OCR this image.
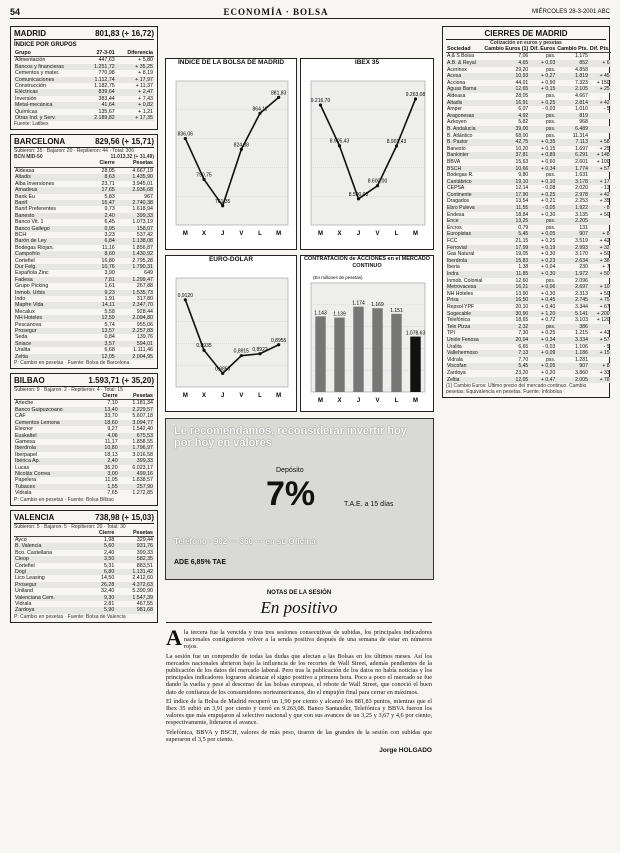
54	ECONOMÍA · BOLSA	MIÉRCOLES 28-3-2001 ABC
MADRID	801,83 (+ 16,72)
ÍNDICE POR GRUPOS
Grupo	27-3-01	Diferencia
Alimentación	447,63	+ 5,80
Bancos y financieras	1.251,72	+ 35,25
Cementos y mater.	770,98	+ 8,19
Comunicaciones	1.112,74	+ 17,97
Construcción	1.182,75	+ 11,37
Eléctricas	839,64	+ 2,47
Inversión	383,44	+ 7,43
Metal-mecánica	41,64	+ 0,82
Químicas	135,67	+ 1,21
Otras Ind. y Serv.	2.189,82	+ 17,35
Fuente: Latibex
BARCELONA	829,56 (+ 15,71)
Subieron: 35 · Bajaron: 20 · Repitieron: 44 · Total: 306
BCN MID-50	11.013,32 (+ 31,49)
	Cierre	Pesetas
Aldeasa	28,05	4.667,19
Altadis	8,63	1.435,90
Alba Inversiones	23,71	3.945,01
Amadeus	17,65	2.936,68
Bank Eu	5,83	967
Banif	16,47	2.740,38
Banif Preferentes	9,73	1.618,94
Banesto	2,40	399,33
Banco Vit. 1	6,45	1.073,19
Banco Gallego	0,95	158,07
BCH	3,23	537,42
Barón de Ley	6,84	1.138,08
Bodegas Riojan.	11,16	1.856,87
Campofrío	8,60	1.430,92
Cortefiel	16,80	2.795,28
Dur Felg.	10,76	1.790,31
Española Zinc	3,90	649
Fadesa	7,81	1.299,47
Grupo Picking	1,61	267,88
Inmob. Urbis	9,23	1.535,73
Indo	1,91	317,80
Mapfre Vida	14,11	2.347,70
Mecalux	5,58	928,44
NH Hoteles	12,59	2.094,80
Pescanova	5,74	955,06
Prosegur	13,57	2.257,83
Seda	0,84	139,76
Sniace	3,57	594,01
Uralita	6,68	1.111,46
Zeltia	12,05	2.004,95
P: Cambio en pesetas · Fuente: Bolsa de Barcelona
BILBAO	1.593,71 (+ 35,20)
Subieron: 9 · Bajaron: 2 · Repitieron: 4 · Total: 15
	Cierre	Pesetas
Arteche	7,10	1.181,34
Banco Guipuzcoano	13,40	2.229,57
CAF	33,70	5.607,18
Cementos Lemona	18,60	3.094,77
Elecnor	9,27	1.542,40
Euskaltel	4,06	675,53
Gamesa	11,17	1.858,55
Iberdrola	10,80	1.796,97
Iberpapel	18,13	3.016,58
Ibérica Ap.	2,40	399,33
Lucas	36,20	6.023,17
Nicolás Correa	3,00	499,16
Papelera	11,05	1.838,57
Tubacex	1,55	257,90
Vidrala	7,65	1.272,85
P: Cambio en pesetas · Fuente: Bolsa Bilbao
VALENCIA	738,98 (+ 15,03)
Subieron: 5 · Bajaron: 5 · Repitieron: 20 · Total: 30
	Cierre	Pesetas
Ayco	1,98	329,44
B. Valencia	5,60	931,76
Bco. Castellana	2,40	399,33
Cleop	3,50	582,35
Cortefiel	5,31	883,51
Dogi	6,80	1.131,42
Lico Leasing	14,50	2.412,60
Prosegur	26,28	4.372,63
Uniland	32,40	5.390,90
Valenciana Cem.	9,30	1.547,39
Vidrala	2,81	467,55
Zardoya	5,90	981,68
P: Cambio en pesetas · Fuente: Bolsa de Valencia
ÍNDICE DE LA BOLSA DE MADRID
836,06
790,75
761,35
824,08
864,11
881,83
M X J V L M
IBEX 35
9.216,70
8.905,43
8.500,00
8.600,00
8.903,43
9.263,08
M X	J	V	L M
EURO-DÓLAR
0,9120
0,8935
0,8850
0,8915 0,8922
0,8955
M X J V L M
CONTRATACIÓN de ACCIONES en el MERCADO CONTINUO
1.143 1.139
1.174 1.169
1.151
1.078,63
M X	J	V	L M
(En millones de pesetas)
Le recomendamos, reconsiderar invertir hoy por hoy en valores
Depósito
7%	T.A.E. a 15 días
Teléfono · 902 ··· 360 ··· en su Oficina
ADE 6,85% TAE
NOTAS DE LA SESIÓN
En positivo

Ala tercera fue la vencida y tras tres sesiones consecutivas de subidas, los principales indicadores nacionales consiguieron volver a la senda positiva después de una semana de estar en números rojos.

La sesión fue un compendio de todas las dudas que afectan a las Bolsas en los últimos meses. Así los mercados nacionales abrieron bajo la influencia de los recortes de Wall Street, además pendientes de la publicación de los datos del mercado laboral. Pero tras la publicación de los datos no había noticias y los principales indicadores lograron alcanzar el signo positivo a primera hora. Poco a poco el mercado se fue dando la vuelta y pese al descenso de las bolsas europeas, el rebote de Wall Street, que conoció el buen dato de confianza de los consumidores norteamericanos, dio el empujón final para cerrar en máximos.

El índice de la Bolsa de Madrid recuperó un 1,90 por ciento y alcanzó los 881,83 puntos, mientras que el Ibex 35 subió un 3,91 por ciento y cerró en 9.263,08. Banco Santander, Telefónica y BBVA fueron los valores que más empujaron al selectivo nacional y que con sus avances de un 3,25 y 3,67 y 4,6 por ciento, respectivamente, lideraron el avance.

Telefónica, BBVA y BSCH, valores de más peso, tiraron de las grandes de la sesión con subidas que superaron el 3,5 por ciento.

Jorge HOLGADO
CIERRES DE MADRID
Cotización en euros y pesetas
Sociedad	Cambio Euros (1)	Dif. Euros	Cambio Pts.	Dif. Pts.
A & S Bolsa	7,06	pss.	1.175	
A.B. & Reyal	4,65	+ 0,03	852	+ 6
Acerinox	29,20	pss.	4.858	
Acesa	10,93	+ 0,27	1.819	+ 45
Acciona	44,01	+ 0,90	7.323	+ 150
Aguas Barna	12,65	+ 0,15	2.105	+ 25
Aldeasa	28,05	pss.	4.667	
Altadis	16,91	+ 0,25	2.814	+ 42
Amper	6,07	- 0,03	1.010	- 5
Aragonesas	4,92	pss.	819	
Azkoyen	5,82	pss.	968	
B. Andalucía	39,00	pss.	6.489	
B. Atlántico	68,00	pss.	11.314	
B. Pastor	42,75	+ 0,35	7.113	+ 58
Banesto	10,20	+ 0,15	1.697	+ 25
Bankinter	37,81	+ 0,89	6.291	+ 148
BBVA	15,63	+ 0,60	2.601	+ 100
BSCH	10,66	+ 0,34	1.774	+ 57
Bodegas R.	9,80	pss.	1.631	
Cantábrico	19,10	+ 0,10	3.178	+ 17
CEPSA	12,14	- 0,08	2.020	- 13
Continente	17,90	+ 0,25	2.978	+ 42
Dragados	13,54	+ 0,21	2.253	+ 35
Ebro Puleva	11,55	- 0,05	1.922	- 8
Endesa	18,84	+ 0,30	3.135	+ 50
Ence	13,25	pss.	2.205	
Ercros	0,79	pss.	131	
Europistas	5,45	+ 0,05	907	+ 8
FCC	21,15	+ 0,25	3.519	+ 42
Ferrovial	17,99	+ 0,19	2.993	+ 32
Gas Natural	19,05	+ 0,30	3.170	+ 50
Iberdrola	15,83	+ 0,23	2.634	+ 38
Iberia	1,38	+ 0,04	230	+ 7
Indra	11,85	+ 0,30	1.972	+ 50
Inmob. Colonial	12,60	pss.	2.096	
Metrovacesa	16,21	+ 0,06	2.697	+ 10
NH Hoteles	13,90	+ 0,30	2.313	+ 50
Prisa	16,50	+ 0,45	2.745	+ 75
Repsol YPF	20,10	+ 0,40	3.344	+ 67
Sogecable	30,90	+ 1,20	5.141	+ 200
Telefónica	18,65	+ 0,72	3.103	+ 120
Tele Pizza	2,32	pss.	386	
TPI	7,30	+ 0,25	1.215	+ 42
Unión Fenosa	20,04	+ 0,34	3.334	+ 57
Uralita	6,65	- 0,03	1.106	- 5
Vallehermoso	7,13	+ 0,09	1.186	+ 15
Vidrala	7,70	pss.	1.281	
Viscofan	5,45	+ 0,05	907	+ 8
Zardoya	23,20	+ 0,20	3.860	+ 33
Zeltia	12,05	+ 0,47	2.005	+ 78
(1) Cambio Euros: Ultimo precio del mercado continuo. Cambio pesetas: Equivalencia en pesetas. Fuente: Infobolsa
